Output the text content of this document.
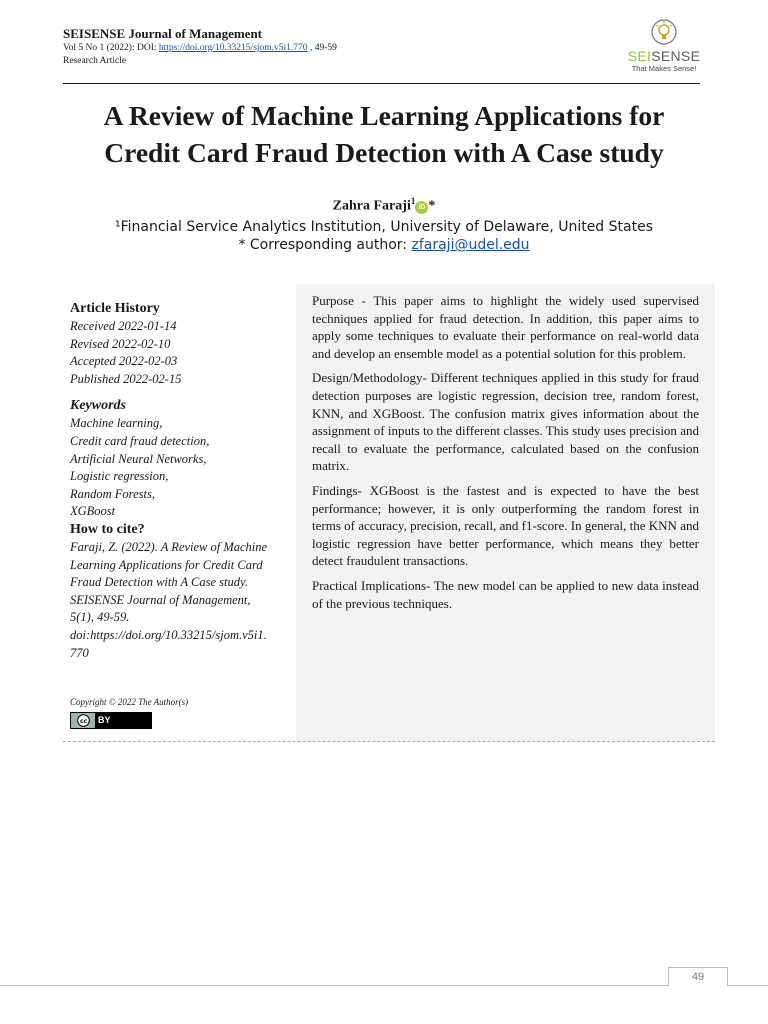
SEISENSE Journal of Management
Vol 5 No 1 (2022): DOI: https://doi.org/10.33215/sjom.v5i1.770 , 49-59
Research Article	SEISENSE
That Makes Sense!
A Review of Machine Learning Applications for
Credit Card Fraud Detection with A Case study
Zahra Faraji$^1$iD *
¹Financial Service Analytics Institution, University of Delaware, United States
* Corresponding author: zfaraji@udel.edu
Article History
Received 2022-01-14
Revised 2022-02-10
Accepted 2022-02-03
Published 2022-02-15
Keywords
Machine learning,
Credit card fraud detection,
Artificial Neural Networks,
Logistic regression,
Random Forests,
XGBoost
How to cite?
Faraji, Z. (2022). A Review of Machine
Learning Applications for Credit Card
Fraud Detection with A Case study.
SEISENSE Journal of Management,
5(1), 49-59.
doi:https://doi.org/10.33215/sjom.v5i1.
770
Copyright © 2022 The Author(s)
cc	BY

Purpose - This paper aims to highlight the widely used supervised techniques applied for fraud detection. In addition, this paper aims to apply some techniques to evaluate their performance on real-world data and develop an ensemble model as a potential solution for this problem.

Design/Methodology- Different techniques applied in this study for fraud detection purposes are logistic regression, decision tree, random forest, KNN, and XGBoost. The confusion matrix gives information about the assignment of inputs to the different classes. This study uses precision and recall to evaluate the performance, calculated based on the confusion matrix.

Findings- XGBoost is the fastest and is expected to have the best performance; however, it is only outperforming the random forest in terms of accuracy, precision, recall, and f1-score. In general, the KNN and logistic regression have better performance, which means they better detect fraudulent transactions.

Practical Implications- The new model can be applied to new data instead of the previous techniques.

49
